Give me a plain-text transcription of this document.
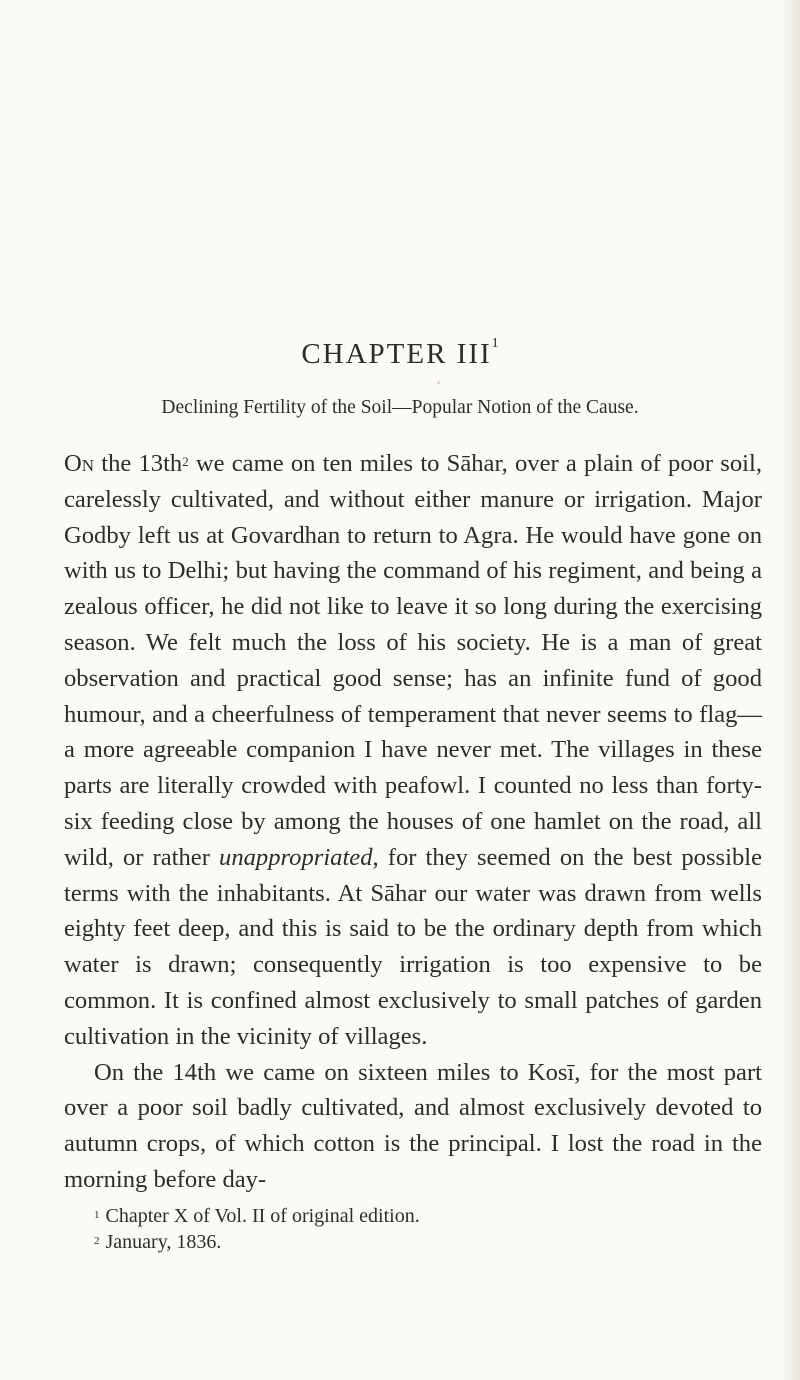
CHAPTER III$^1$
•
Declining Fertility of the Soil—Popular Notion of the Cause.

On the $13th^2$ we came on ten miles to Sāhar, over a plain of poor soil, carelessly cultivated, and without either manure or irrigation. Major Godby left us at Govardhan to return to Agra. He would have gone on with us to Delhi; but having the command of his regiment, and being a zealous officer, he did not like to leave it so long during the exercising season. We felt much the loss of his society. He is a man of great observation and practical good sense; has an infinite fund of good humour, and a cheerfulness of temperament that never seems to flag—a more agreeable companion I have never met. The villages in these parts are literally crowded with peafowl. I counted no less than forty-six feeding close by among the houses of one hamlet on the road, all wild, or rather unappropriated, for they seemed on the best possible terms with the inhabitants. At Sāhar our water was drawn from wells eighty feet deep, and this is said to be the ordinary depth from which water is drawn; consequently irrigation is too expensive to be common. It is confined almost exclusively to small patches of garden cultivation in the vicinity of villages.

On the 14th we came on sixteen miles to Kosī, for the most part over a poor soil badly cultivated, and almost exclusively devoted to autumn crops, of which cotton is the principal. I lost the road in the morning before day-

$^1$ Chapter X of Vol. II of original edition.
$^2$ January, 1836.
